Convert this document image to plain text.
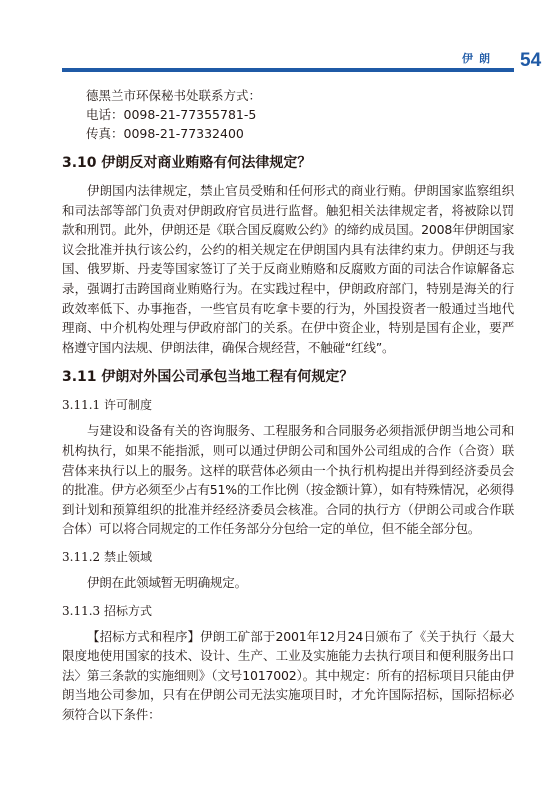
伊朗 54
德黑兰市环保秘书处联系方式：
电话：0098-21-77355781-5
传真：0098-21-77332400
3.10 伊朗反对商业贿赂有何法律规定？

伊朗国内法律规定，禁止官员受贿和任何形式的商业行贿。伊朗国家监察组织和司法部等部门负责对伊朗政府官员进行监督。触犯相关法律规定者，将被除以罚款和刑罚。此外，伊朗还是《联合国反腐败公约》的缔约成员国。2008年伊朗国家议会批准并执行该公约，公约的相关规定在伊朗国内具有法律约束力。伊朗还与我国、俄罗斯、丹麦等国家签订了关于反商业贿赂和反腐败方面的司法合作谅解备忘录，强调打击跨国商业贿赂行为。在实践过程中，伊朗政府部门，特别是海关的行政效率低下、办事拖沓，一些官员有吃拿卡要的行为，外国投资者一般通过当地代理商、中介机构处理与伊政府部门的关系。在伊中资企业，特别是国有企业，要严格遵守国内法规、伊朗法律，确保合规经营，不触碰“红线”。

3.11 伊朗对外国公司承包当地工程有何规定？
3.11.1 许可制度

与建设和设备有关的咨询服务、工程服务和合同服务必须指派伊朗当地公司和机构执行，如果不能指派，则可以通过伊朗公司和国外公司组成的合作（合资）联营体来执行以上的服务。这样的联营体必须由一个执行机构提出并得到经济委员会的批准。伊方必须至少占有51%的工作比例（按金额计算），如有特殊情况，必须得到计划和预算组织的批准并经经济委员会核准。合同的执行方（伊朗公司或合作联合体）可以将合同规定的工作任务部分分包给一定的单位，但不能全部分包。

3.11.2 禁止领域

伊朗在此领域暂无明确规定。

3.11.3 招标方式

【招标方式和程序】伊朗工矿部于2001年12月24日颁布了《关于执行〈最大限度地使用国家的技术、设计、生产、工业及实施能力去执行项目和便利服务出口法〉第三条款的实施细则》（文号1017002）。其中规定：所有的招标项目只能由伊朗当地公司参加，只有在伊朗公司无法实施项目时，才允许国际招标，国际招标必须符合以下条件：
